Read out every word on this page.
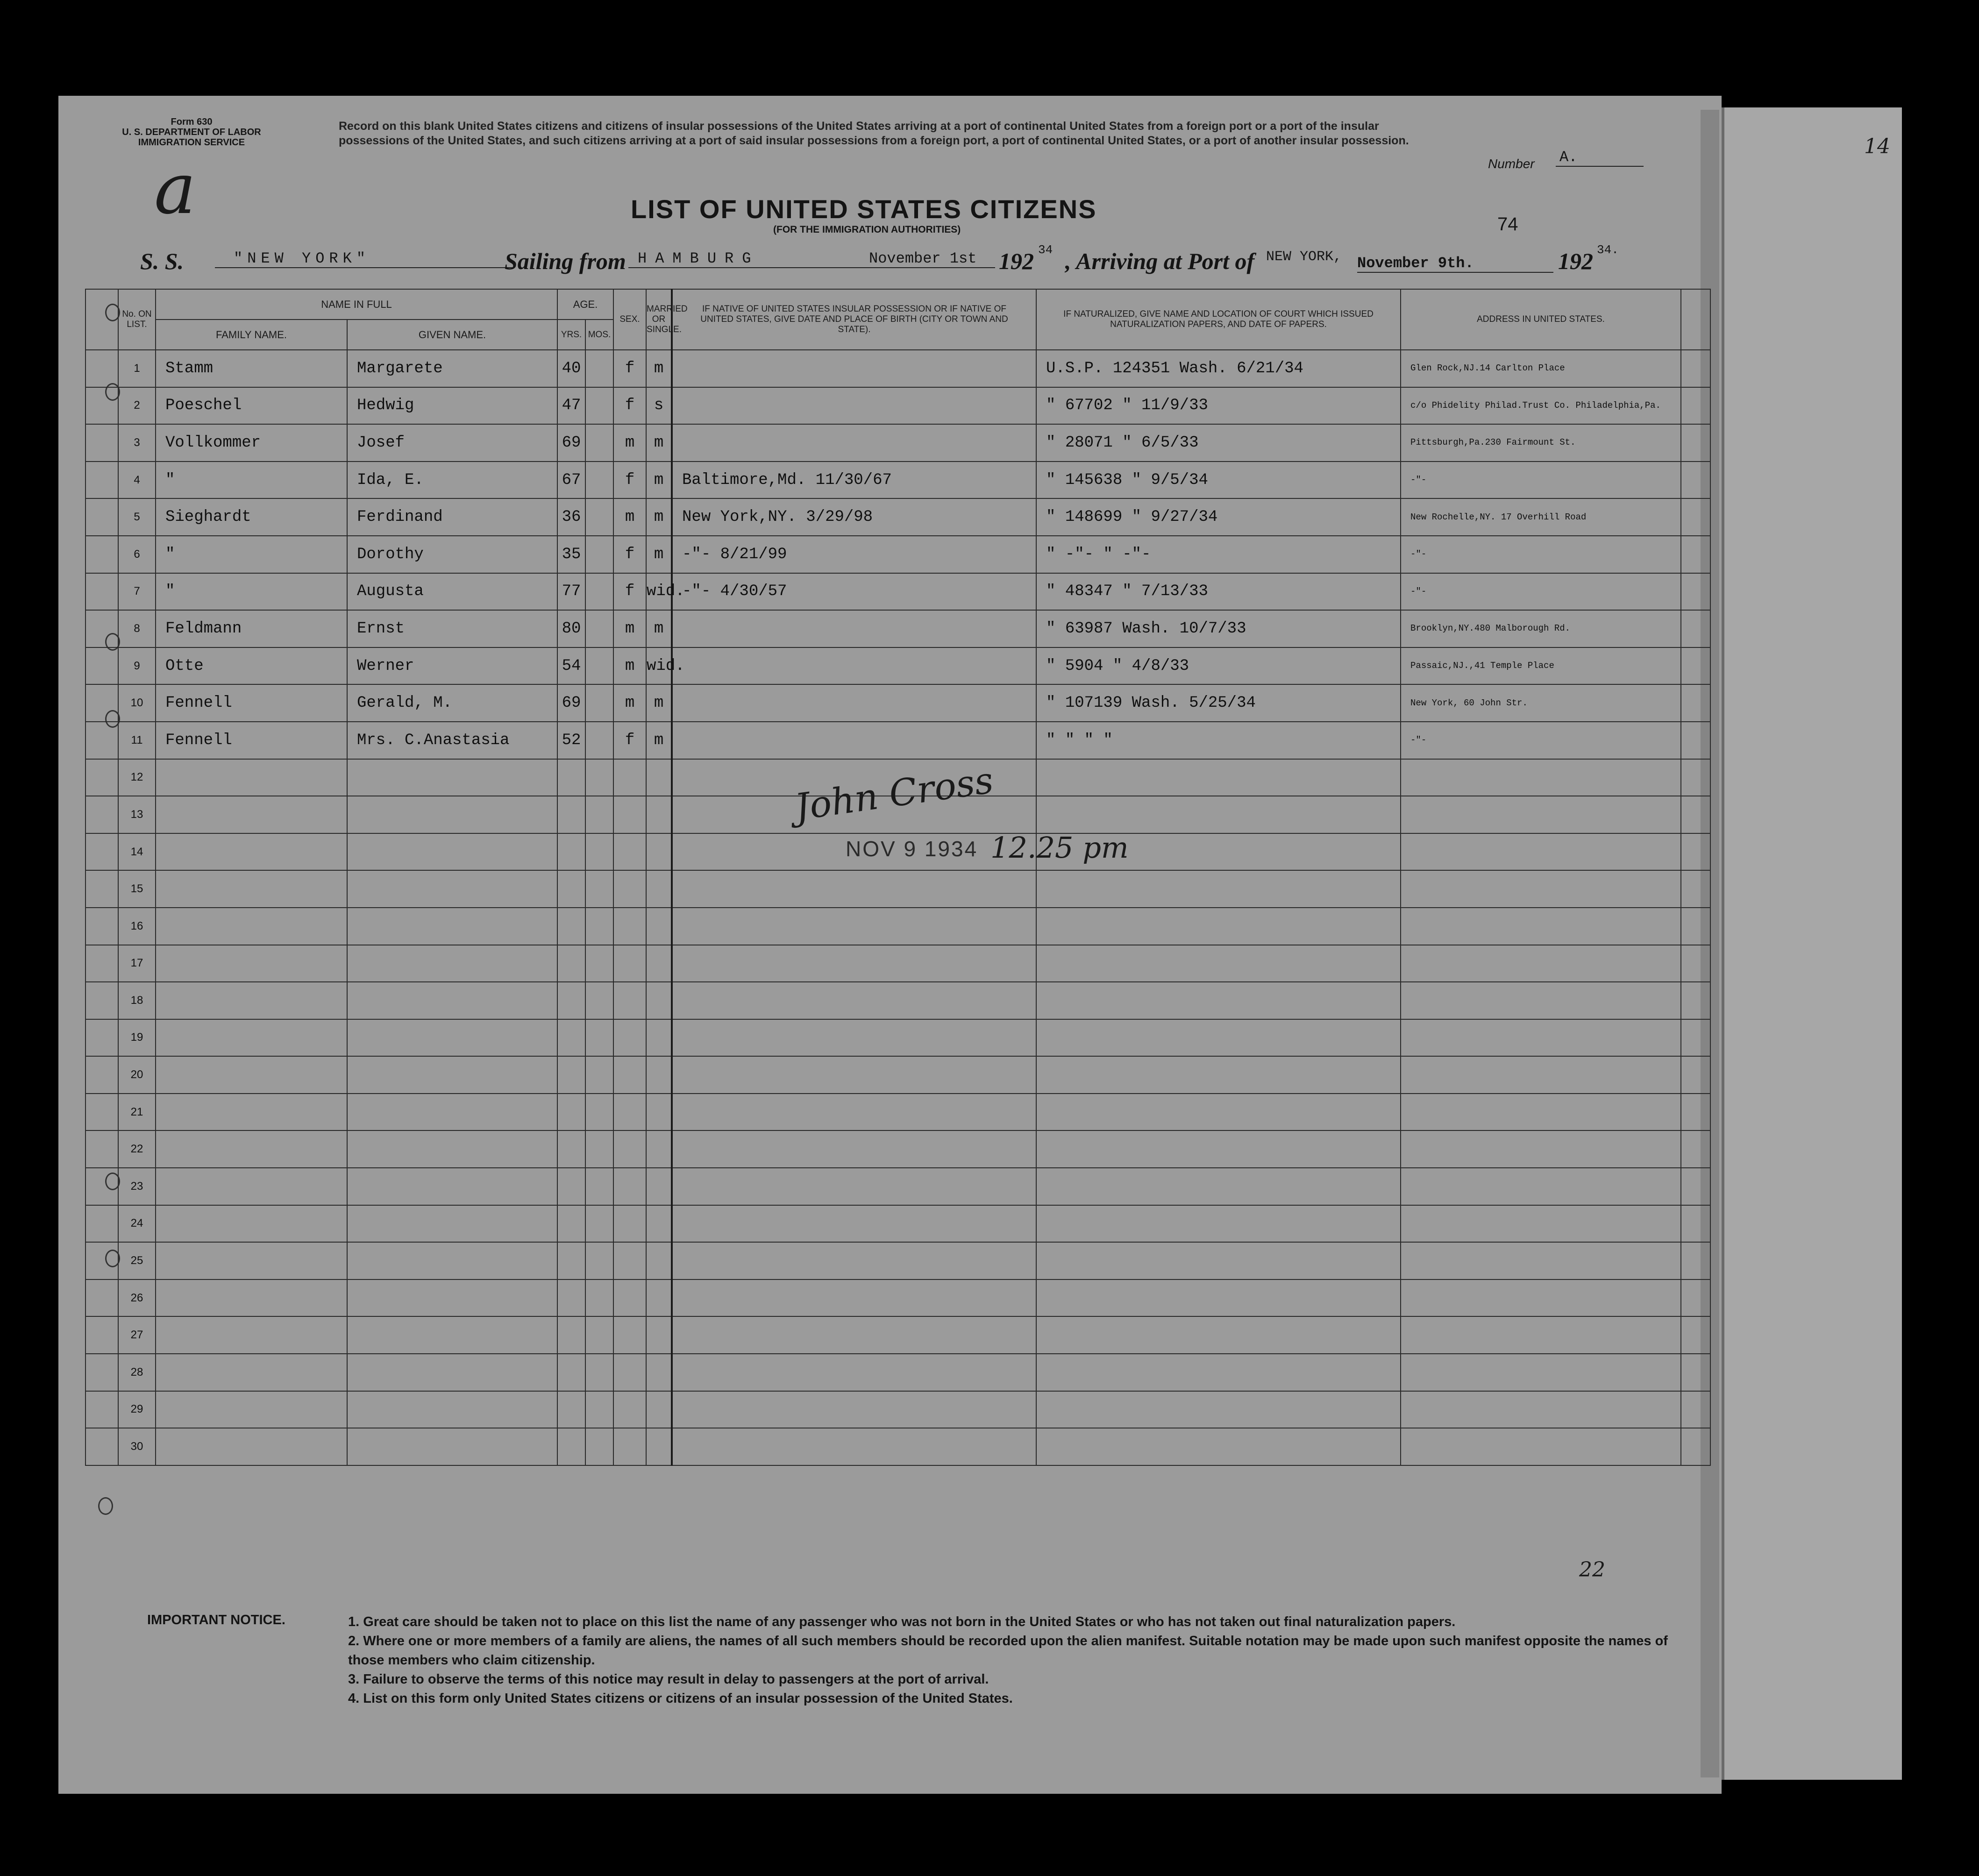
Form 630
U. S. DEPARTMENT OF LABOR
IMMIGRATION SERVICE
a
Record on this blank United States citizens and citizens of insular possessions of the United States arriving at a port of continental United States from a foreign port or a port of the insular possessions of the United States, and such citizens arriving at a port of said insular possessions from a foreign port, a port of continental United States, or a port of another insular possession.
Number A.	14
LIST OF UNITED STATES CITIZENS
(FOR THE IMMIGRATION AUTHORITIES)	74
S. S.	"NEW YORK"	Sailing from HAMBURG	November 1st 192 34 , Arriving at Port of NEW YORK, November 9th.	192 34.
	No. ON LIST.	NAME IN FULL		AGE.		SEX.	MARRIED OR SINGLE.	IF NATIVE OF UNITED STATES INSULAR POSSESSION OR IF NATIVE OF UNITED STATES, GIVE DATE AND PLACE OF BIRTH (CITY OR TOWN AND STATE).	IF NATURALIZED, GIVE NAME AND LOCATION OF COURT WHICH ISSUED NATURALIZATION PAPERS, AND DATE OF PAPERS.	ADDRESS IN UNITED STATES.	
		FAMILY NAME.	GIVEN NAME.	YRS.	MOS.						
	1	Stamm	Margarete	40		f	m		U.S.P. 124351 Wash. 6/21/34	Glen Rock,NJ.14 Carlton Place	
	2	Poeschel	Hedwig	47		f	s		" 67702 " 11/9/33	c/o Phidelity Philad.Trust Co. Philadelphia,Pa.	
	3	Vollkommer	Josef	69		m	m		" 28071 " 6/5/33	Pittsburgh,Pa.230 Fairmount St.	
	4	"	Ida, E.	67		f	m	Baltimore,Md. 11/30/67	" 145638 " 9/5/34	-"-	
	5	Sieghardt	Ferdinand	36		m	m	New York,NY. 3/29/98	" 148699 " 9/27/34	New Rochelle,NY. 17 Overhill Road	
	6	"	Dorothy	35		f	m	-"- 8/21/99	" -"- " -"-	-"-	
	7	"	Augusta	77		f	wid.	-"- 4/30/57	" 48347 " 7/13/33	-"-	
	8	Feldmann	Ernst	80		m	m		" 63987 Wash. 10/7/33	Brooklyn,NY.480 Malborough Rd.	
	9	Otte	Werner	54		m	wid.		" 5904 " 4/8/33	Passaic,NJ.,41 Temple Place	
	10	Fennell	Gerald, M.	69		m	m		" 107139 Wash. 5/25/34	New York, 60 John Str.	
	11	Fennell	Mrs. C.Anastasia	52		f	m		" " " "	-"-	
	12										
	13										
	14										
	15										
	16										
	17										
	18										
	19										
	20										
	21										
	22										
	23										
	24										
	25										
	26										
	27										
	28										
	29										
	30										
John Cross
NOV 9 1934 12.25 pm
22
IMPORTANT NOTICE.	1. Great care should be taken not to place on this list the name of any passenger who was not born in the United States or who has not taken out final naturalization papers.
2. Where one or more members of a family are aliens, the names of all such members should be recorded upon the alien manifest. Suitable notation may be made upon such manifest opposite the names of those members who claim citizenship.
3. Failure to observe the terms of this notice may result in delay to passengers at the port of arrival.
4. List on this form only United States citizens or citizens of an insular possession of the United States.
